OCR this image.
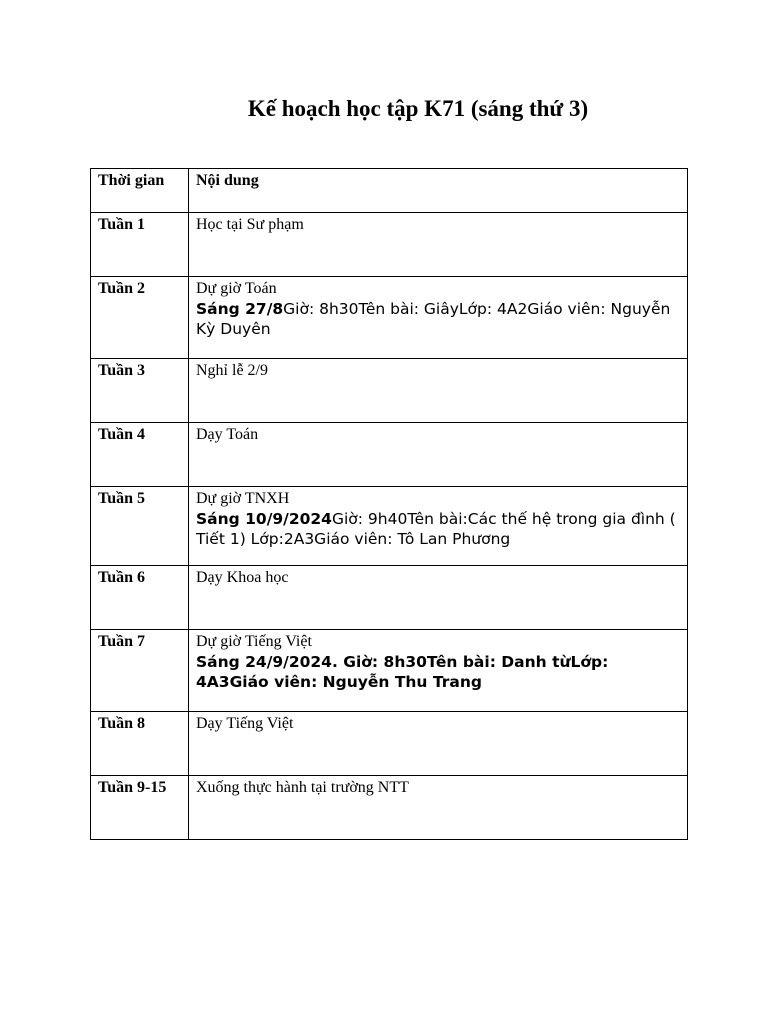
Kế hoạch học tập K71 (sáng thứ 3)
Thời gian	Nội dung
Tuần 1	Học tại Sư phạm
Tuần 2	Dự giờ Toán
Sáng 27/8Giờ: 8h30Tên bài: GiâyLớp: 4A2Giáo viên: Nguyễn Kỳ Duyên

Tuần 3	Nghỉ lễ 2/9
Tuần 4	Dạy Toán
Tuần 5	Dự giờ TNXH
Sáng 10/9/2024Giờ: 9h40Tên bài:Các thế hệ trong gia đình ( Tiết 1) Lớp:2A3Giáo viên: Tô Lan Phương

Tuần 6	Dạy Khoa học
Tuần 7	Dự giờ Tiếng Việt
Sáng 24/9/2024. Giờ: 8h30Tên bài: Danh từLớp: 4A3Giáo viên: Nguyễn Thu Trang

Tuần 8	Dạy Tiếng Việt
Tuần 9-15	Xuống thực hành tại trường NTT
